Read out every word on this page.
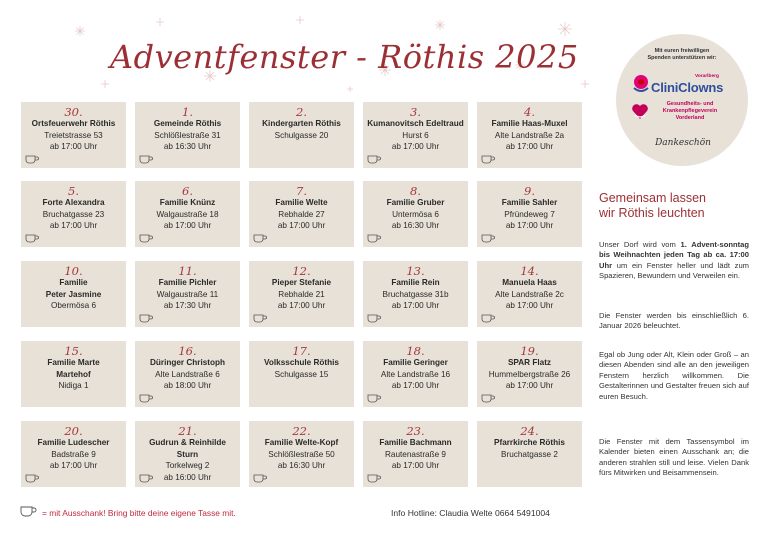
Adventfenster - Röthis 2025
30.
Ortsfeuerwehr Röthis
Treietstrasse 53
ab 17:00 Uhr
1.
Gemeinde Röthis
Schlößlestraße 31
ab 16:30 Uhr
2.
Kindergarten Röthis
Schulgasse 20
3.
Kumanovitsch Edeltraud
Hurst 6
ab 17:00 Uhr
4.
Familie Haas-Muxel
Alte Landstraße 2a
ab 17:00 Uhr
5.
Forte Alexandra
Bruchatgasse 23
ab 17:00 Uhr
6.
Familie Knünz
Walgaustraße 18
ab 17:00 Uhr
7.
Familie Welte
Rebhalde 27
ab 17:00 Uhr
8.
Familie Gruber
Untermösa 6
ab 16:30 Uhr
9.
Familie Sahler
Pfründeweg 7
ab 17:00 Uhr
10.
Familie
Peter Jasmine
Obermösa 6
11.
Familie Pichler
Walgaustraße 11
ab 17:30 Uhr
12.
Pieper Stefanie
Rebhalde 21
ab 17:00 Uhr
13.
Familie Rein
Bruchatgasse 31b
ab 17:00 Uhr
14.
Manuela Haas
Alte Landstraße 2c
ab 17:00 Uhr
15.
Familie Marte
Martehof
Nidiga 1
16.
Düringer Christoph
Alte Landstraße 6
ab 18:00 Uhr
17.
Volksschule Röthis
Schulgasse 15
18.
Familie Geringer
Alte Landstraße 16
ab 17:00 Uhr
19.
SPAR Flatz
Hummelbergstraße 26
ab 17:00 Uhr
20.
Familie Ludescher
Badstraße 9
ab 17:00 Uhr
21.
Gudrun & Reinhilde
Sturn
Torkelweg 2
ab 16:00 Uhr
22.
Familie Welte-Kopf
Schlößlestraße 50
ab 16:30 Uhr
23.
Familie Bachmann
Rautenastraße 9
ab 17:00 Uhr
24.
Pfarrkirche Röthis
Bruchatgasse 2
Mit euren freiwilligen
Spenden unterstützen wir:
Vorarlberg
CliniClowns
Gesundheits- und
Krankenpflegeverein
Vorderland
Dankeschön
Gemeinsam lassen
wir Röthis leuchten
Unser Dorf wird vom 1. Advent-sonntag bis Weihnachten jeden Tag ab ca. 17:00 Uhr um ein Fenster heller und lädt zum Spazieren, Bewundern und Verweilen ein.
Die Fenster werden bis einschließlich 6. Januar 2026 beleuchtet.
Egal ob Jung oder Alt, Klein oder Groß – an diesen Abenden sind alle an den jeweiligen Fenstern herzlich willkommen. Die Gestalterinnen und Gestalter freuen sich auf euren Besuch.
Die Fenster mit dem Tassensymbol im Kalender bieten einen Ausschank an; die anderen strahlen still und leise. Vielen Dank fürs Mitwirken und Beisammensein.
= mit Ausschank! Bring bitte deine eigene Tasse mit.	Info Hotline: Claudia Welte 0664 5491004
